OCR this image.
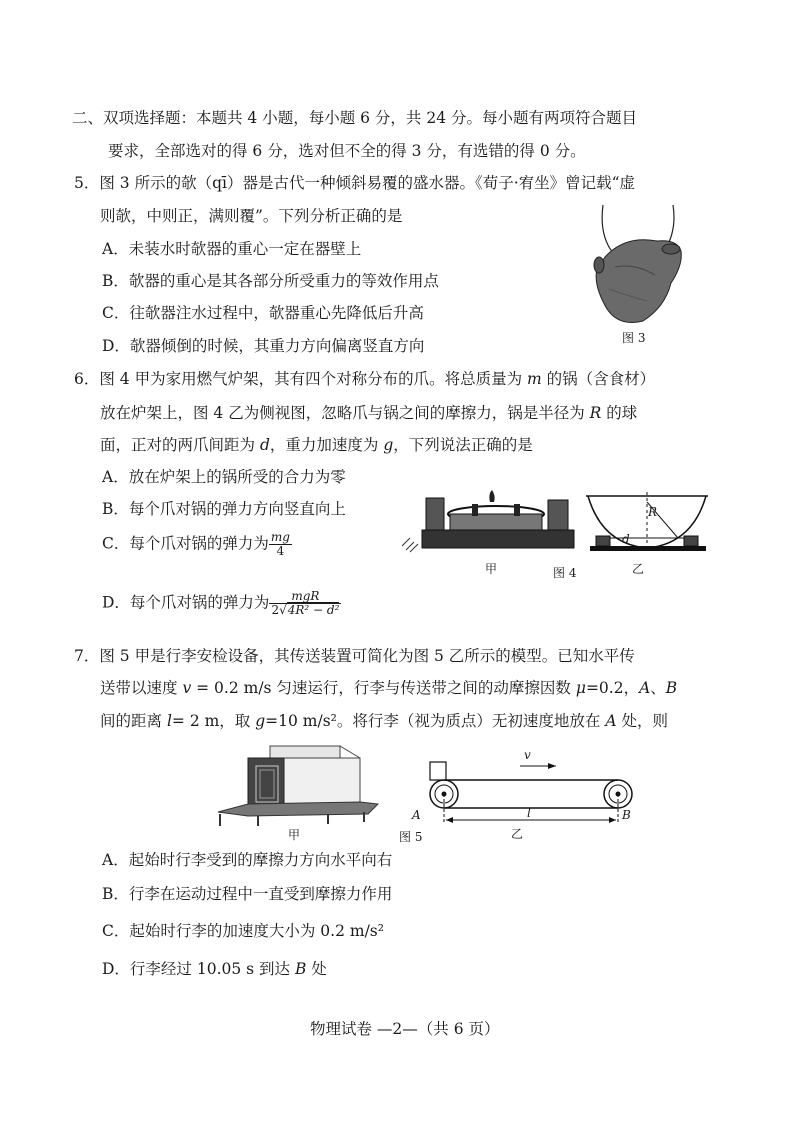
二、双项选择题：本题共 4 小题，每小题 6 分，共 24 分。每小题有两项符合题目
要求，全部选对的得 6 分，选对但不全的得 3 分，有选错的得 0 分。
5．图 3 所示的欹（qī）器是古代一种倾斜易覆的盛水器。《荀子·宥坐》曾记载“虚
则欹，中则正，满则覆”。下列分析正确的是
A．未装水时欹器的重心一定在器壁上
B．欹器的重心是其各部分所受重力的等效作用点
C．往欹器注水过程中，欹器重心先降低后升高
D．欹器倾倒的时候，其重力方向偏离竖直方向	图 3
6．图 4 甲为家用燃气炉架，其有四个对称分布的爪。将总质量为 m 的锅（含食材）
放在炉架上，图 4 乙为侧视图，忽略爪与锅之间的摩擦力，锅是半径为 R 的球
面，正对的两爪间距为 d，重力加速度为 g，下列说法正确的是
A．放在炉架上的锅所受的合力为零
B．每个爪对锅的弹力方向竖直向上
C．每个爪对锅的弹力为 $\frac{mg}{4}$
D．每个爪对锅的弹力为 $\frac{\text{mgR}}{\text{2√4R² − d²}}$
甲	图 4
R
d
乙
7．图 5 甲是行李安检设备，其传送装置可简化为图 5 乙所示的模型。已知水平传
送带以速度 v = 0.2 m/s 匀速运行，行李与传送带之间的动摩擦因数 μ=0.2，A、B
间的距离 l= 2 m，取 g=10 m/s²。将行李（视为质点）无初速度地放在 A 处，则
甲	图 5
v
l
A	B
乙
A．起始时行李受到的摩擦力方向水平向右
B．行李在运动过程中一直受到摩擦力作用
C．起始时行李的加速度大小为 0.2 m/s²
D．行李经过 10.05 s 到达 B 处
物理试卷 —2—（共 6 页）
